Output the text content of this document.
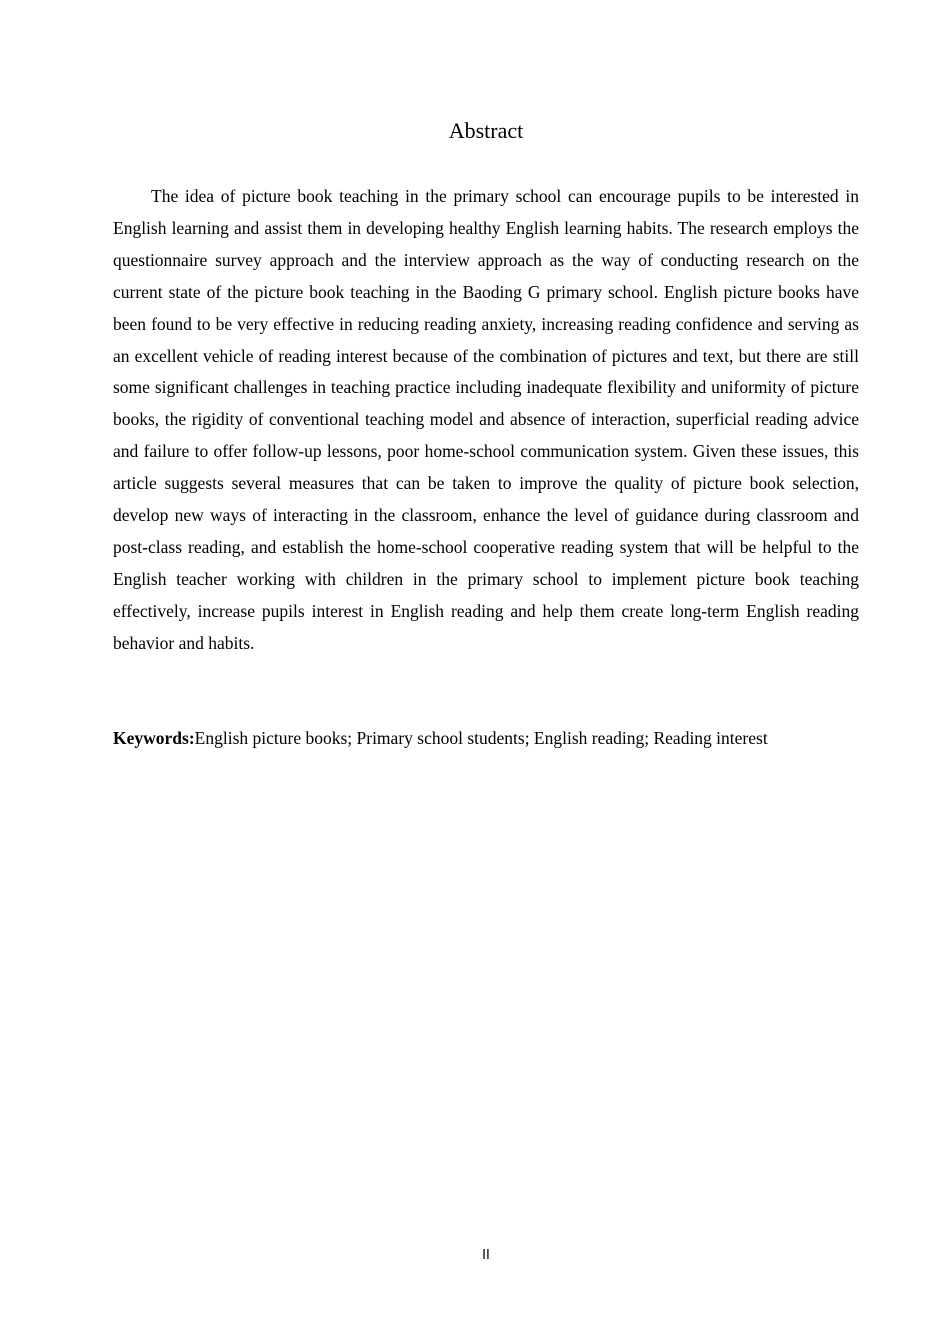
Abstract

The idea of picture book teaching in the primary school can encourage pupils to be interested in English learning and assist them in developing healthy English learning habits. The research employs the questionnaire survey approach and the interview approach as the way of conducting research on the current state of the picture book teaching in the Baoding G primary school. English picture books have been found to be very effective in reducing reading anxiety, increasing reading confidence and serving as an excellent vehicle of reading interest because of the combination of pictures and text, but there are still some significant challenges in teaching practice including inadequate flexibility and uniformity of picture books, the rigidity of conventional teaching model and absence of interaction, superficial reading advice and failure to offer follow-up lessons, poor home-school communication system. Given these issues, this article suggests several measures that can be taken to improve the quality of picture book selection, develop new ways of interacting in the classroom, enhance the level of guidance during classroom and post-class reading, and establish the home-school cooperative reading system that will be helpful to the English teacher working with children in the primary school to implement picture book teaching effectively, increase pupils interest in English reading and help them create long-term English reading behavior and habits.

Keywords:English picture books; Primary school students; English reading; Reading interest

II
